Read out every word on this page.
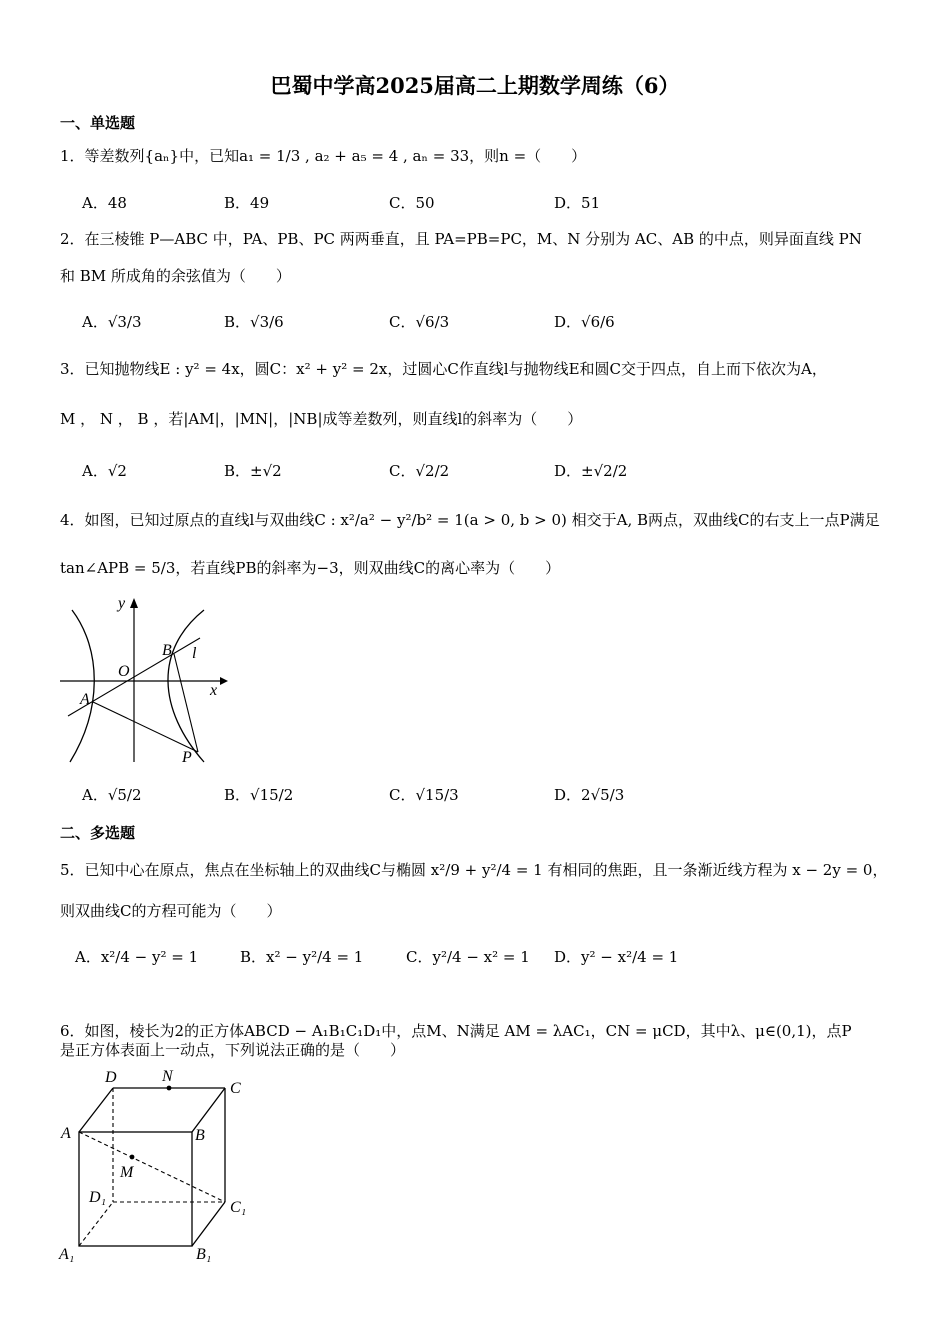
巴蜀中学高2025届高二上期数学周练（6）
一、单选题
1．等差数列{aₙ}中，已知a₁ = 1/3 , a₂ + a₅ = 4 , aₙ = 33，则n =（　　）
A．48	B．49	C．50	D．51
2．在三棱锥 P—ABC 中，PA、PB、PC 两两垂直，且 PA=PB=PC，M、N 分别为 AC、AB 的中点，则异面直线 PN
和 BM 所成角的余弦值为（　　）
A．√3/3	B．√3/6	C．√6/3	D．√6/6
3．已知抛物线E : y² = 4x，圆C：x² + y² = 2x，过圆心C作直线l与抛物线E和圆C交于四点，自上而下依次为A，
M ， N ， B ，若|AM|，|MN|，|NB|成等差数列，则直线l的斜率为（　　）
A．√2	B．±√2	C．√2/2	D．±√2/2
4．如图，已知过原点的直线l与双曲线C : x²/a² − y²/b² = 1(a > 0, b > 0) 相交于A, B两点，双曲线C的右支上一点P满足
tan∠APB = 5/3，若直线PB的斜率为−3，则双曲线C的离心率为（　　）
y
B l
O
x
A
P
A．√5/2	B．√15/2	C．√15/3	D．2√5/3
二、多选题
5．已知中心在原点，焦点在坐标轴上的双曲线C与椭圆 x²/9 + y²/4 = 1 有相同的焦距，且一条渐近线方程为 x − 2y = 0，
则双曲线C的方程可能为（　　）
A．x²/4 − y² = 1	B．x² − y²/4 = 1	C．y²/4 − x² = 1 D．y² − x²/4 = 1
6．如图，棱长为2的正方体ABCD − A₁B₁C₁D₁中，点M、N满足 AM = λAC₁，CN = μCD，其中λ、μ∈(0,1)，点P
是正方体表面上一动点，下列说法正确的是（　　）
D	N
C
A	B
M
D₁
C₁
A₁	B₁
